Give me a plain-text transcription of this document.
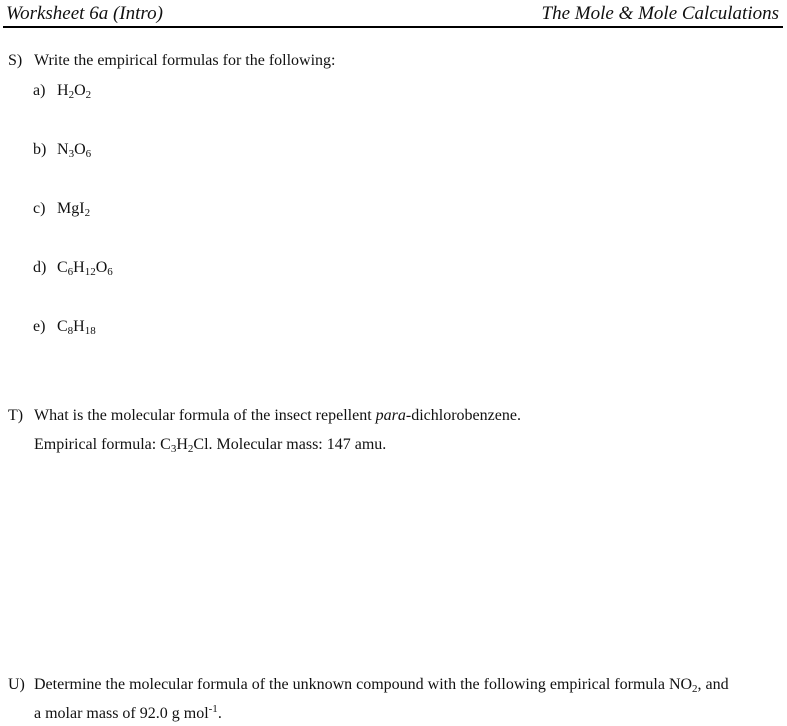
Worksheet 6a (Intro)	The Mole & Mole Calculations
S) Write the empirical formulas for the following:
a) $H_2O_2$
b) $N_3O_6$
c) MgI$_2$
d) $C_6H_{12}O_6$
e) $C_8H_{18}$
T) What is the molecular formula of the insect repellent para-dichlorobenzene.
Empirical formula: $C_3H_2Cl$. Molecular mass: 147 amu.
U) Determine the molecular formula of the unknown compound with the following empirical formula $NO_2$, and
a molar mass of 92.0 g mol$^{-1}$.
